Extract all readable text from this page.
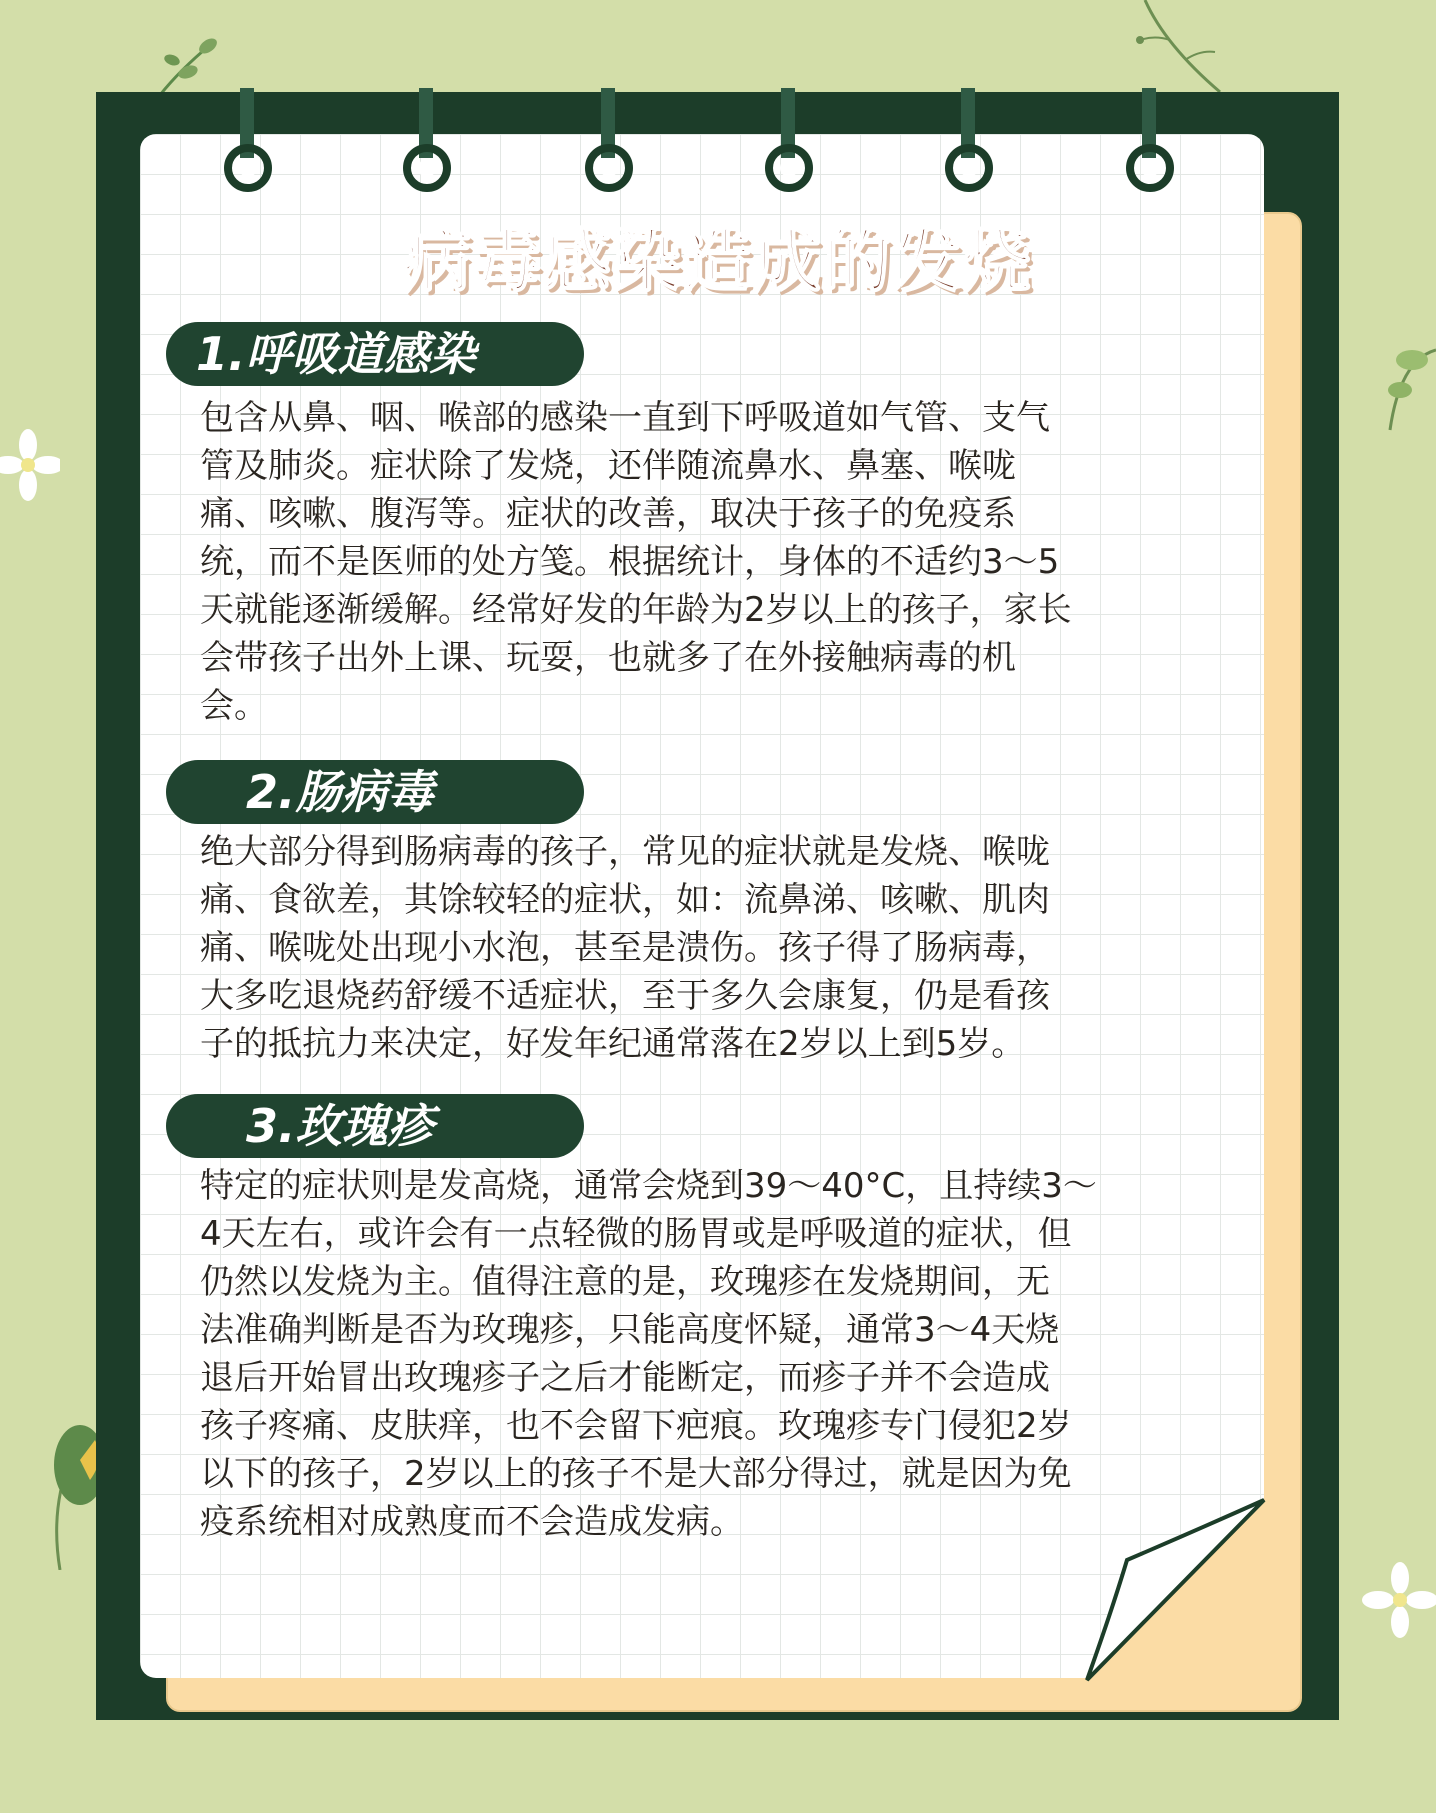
病毒感染造成的发烧
1.呼吸道感染
包含从鼻、咽、喉部的感染一直到下呼吸道如气管、支气
管及肺炎。症状除了发烧，还伴随流鼻水、鼻塞、喉咙
痛、咳嗽、腹泻等。症状的改善，取决于孩子的免疫系
统，而不是医师的处方笺。根据统计，身体的不适约3～5
天就能逐渐缓解。经常好发的年龄为2岁以上的孩子，家长
会带孩子出外上课、玩耍，也就多了在外接触病毒的机
会。
2.肠病毒
绝大部分得到肠病毒的孩子，常见的症状就是发烧、喉咙
痛、食欲差，其馀较轻的症状，如：流鼻涕、咳嗽、肌肉
痛、喉咙处出现小水泡，甚至是溃伤。孩子得了肠病毒，
大多吃退烧药舒缓不适症状，至于多久会康复，仍是看孩
子的抵抗力来决定，好发年纪通常落在2岁以上到5岁。
3.玫瑰疹
特定的症状则是发高烧，通常会烧到39～40°C，且持续3～
4天左右，或许会有一点轻微的肠胃或是呼吸道的症状，但
仍然以发烧为主。值得注意的是，玫瑰疹在发烧期间，无
法准确判断是否为玫瑰疹，只能高度怀疑，通常3～4天烧
退后开始冒出玫瑰疹子之后才能断定，而疹子并不会造成
孩子疼痛、皮肤痒，也不会留下疤痕。玫瑰疹专门侵犯2岁
以下的孩子，2岁以上的孩子不是大部分得过，就是因为免
疫系统相对成熟度而不会造成发病。
